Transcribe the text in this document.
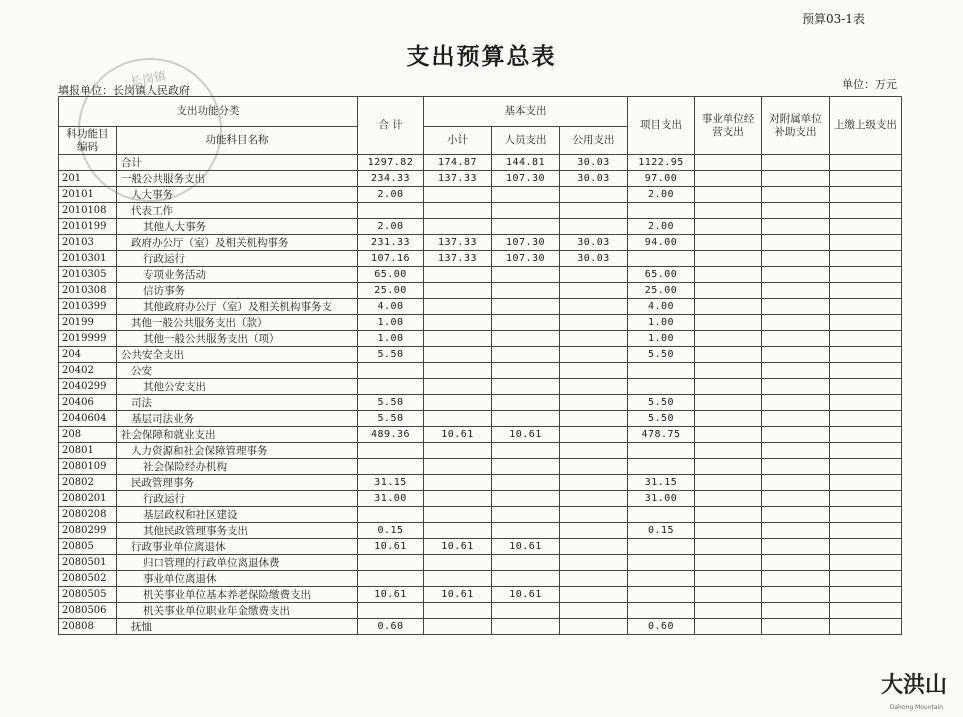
预算03-1表
支出预算总表
单位：万元
填报单位：长岗镇人民政府
长岗镇
支出功能分类		合 计	基本支出			项目支出	事业单位经营支出	对附属单位补助支出	上缴上级支出
科功能目编码	功能科目名称		小计	人员支出	公用支出				
	合计	1297.82	174.87	144.81	30.03	1122.95			
201	一般公共服务支出	234.33	137.33	107.30	30.03	97.00			
20101	人大事务	2.00				2.00			
2010108	代表工作								
2010199	其他人大事务	2.00				2.00			
20103	政府办公厅（室）及相关机构事务	231.33	137.33	107.30	30.03	94.00			
2010301	行政运行	107.16	137.33	107.30	30.03				
2010305	专项业务活动	65.00				65.00			
2010308	信访事务	25.00				25.00			
2010399	其他政府办公厅（室）及相关机构事务支	4.00				4.00			
20199	其他一般公共服务支出（款）	1.00				1.00			
2019999	其他一般公共服务支出（项）	1.00				1.00			
204	公共安全支出	5.50				5.50			
20402	公安								
2040299	其他公安支出								
20406	司法	5.50				5.50			
2040604	基层司法业务	5.50				5.50			
208	社会保障和就业支出	489.36	10.61	10.61		478.75			
20801	人力资源和社会保障管理事务								
2080109	社会保险经办机构								
20802	民政管理事务	31.15				31.15			
2080201	行政运行	31.00				31.00			
2080208	基层政权和社区建设								
2080299	其他民政管理事务支出	0.15				0.15			
20805	行政事业单位离退休	10.61	10.61	10.61					
2080501	归口管理的行政单位离退休费								
2080502	事业单位离退休								
2080505	机关事业单位基本养老保险缴费支出	10.61	10.61	10.61					
2080506	机关事业单位职业年金缴费支出								
20808	抚恤	0.60				0.60			
大洪山
Dahong Mountain
